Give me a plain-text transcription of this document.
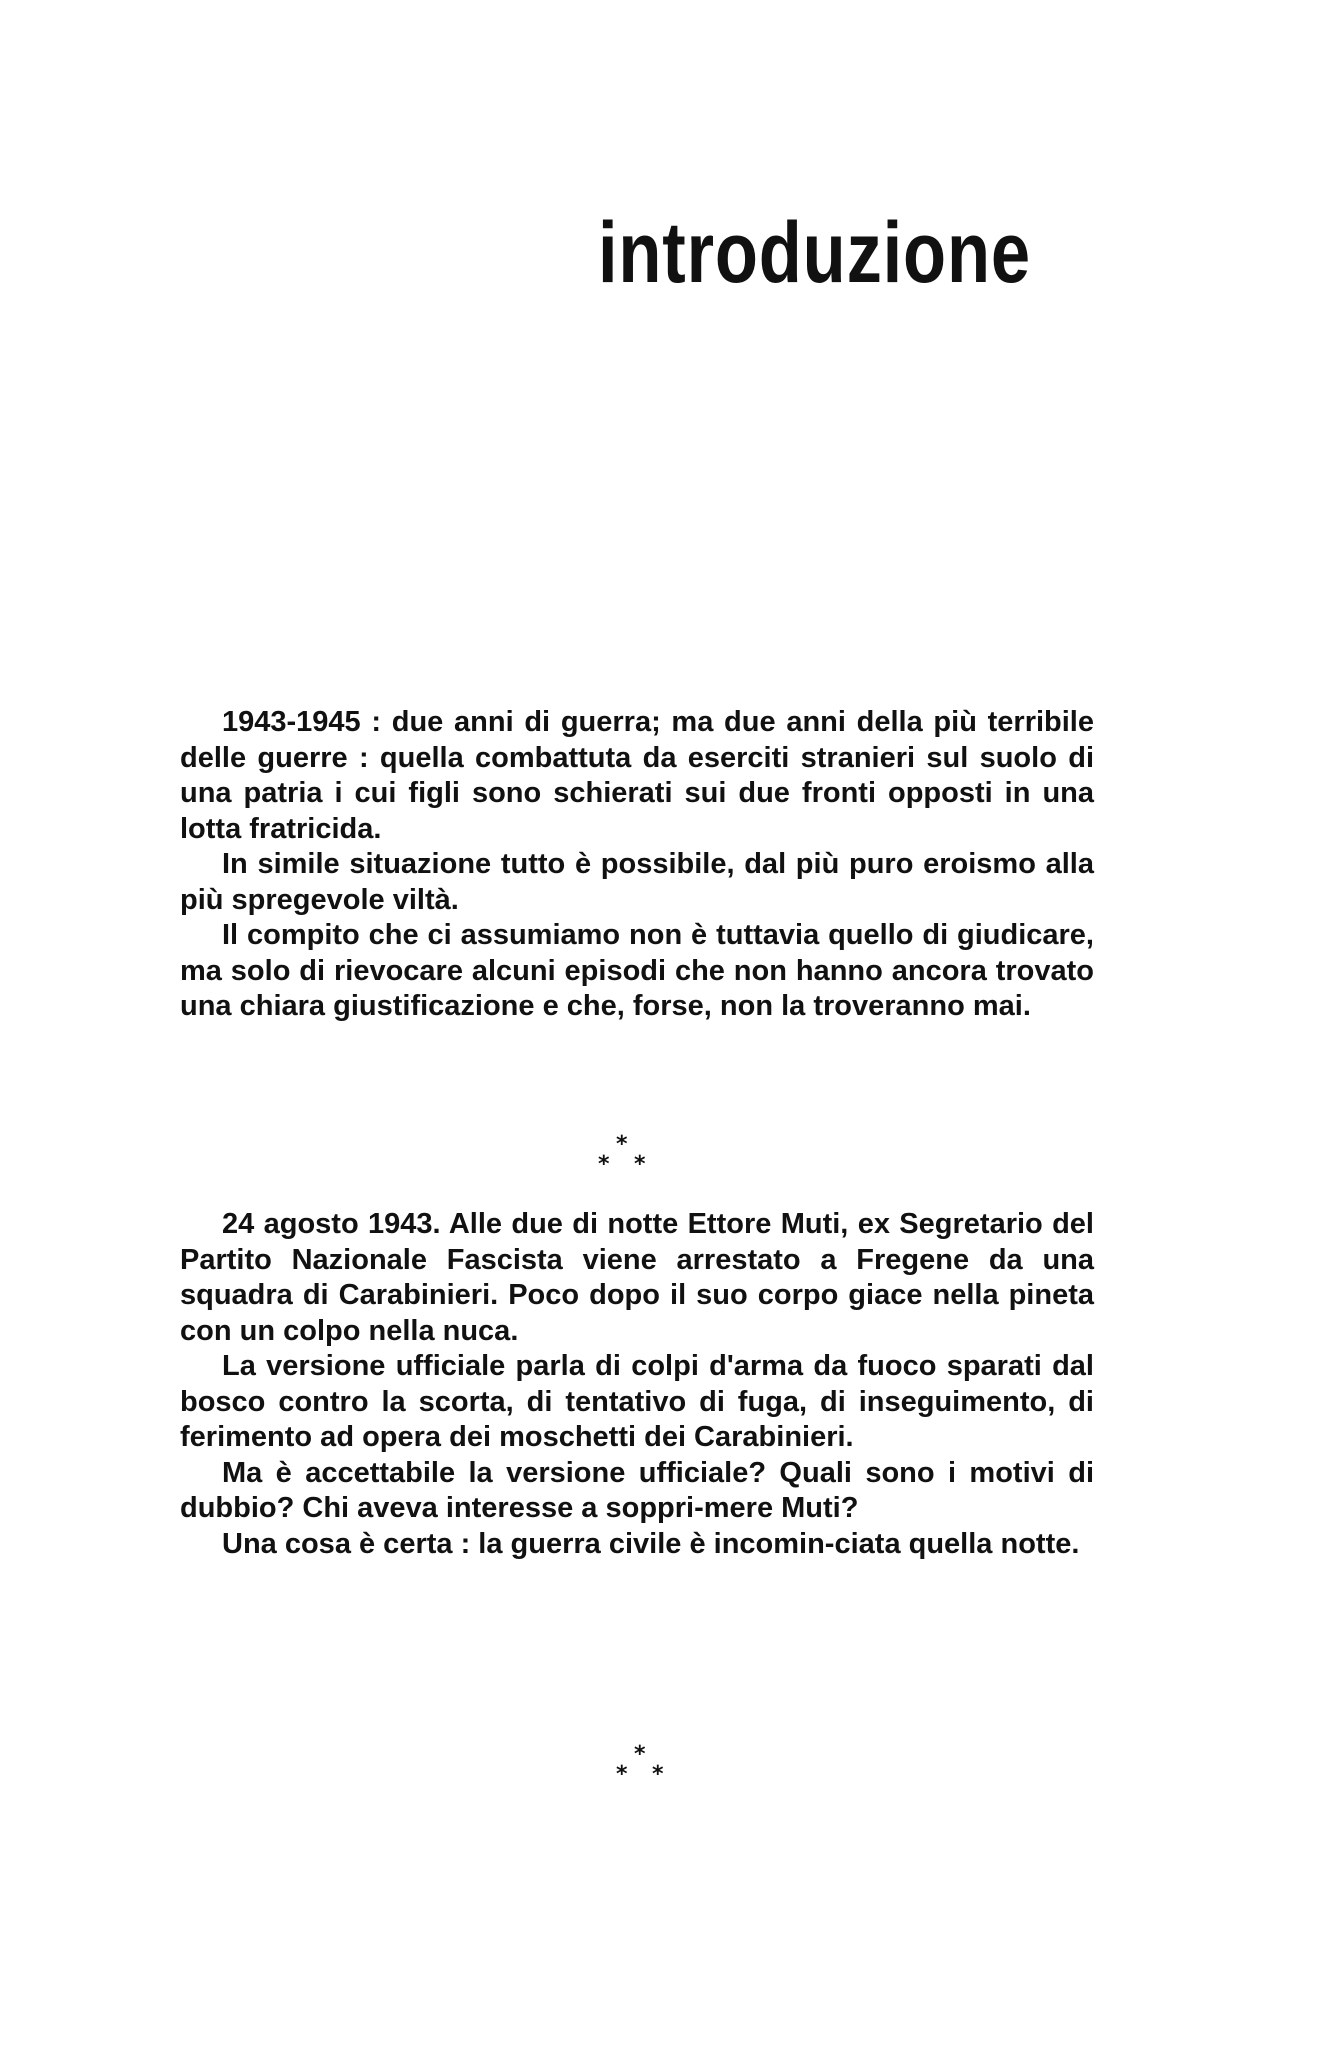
introduzione

1943-1945 : due anni di guerra; ma due anni della più terribile delle guerre : quella combattuta da eserciti stranieri sul suolo di una patria i cui figli sono schierati sui due fronti opposti in una lotta fratricida.

In simile situazione tutto è possibile, dal più puro eroismo alla più spregevole viltà.

Il compito che ci assumiamo non è tuttavia quello di giudicare, ma solo di rievocare alcuni episodi che non hanno ancora trovato una chiara giustificazione e che, forse, non la troveranno mai.

*
* *

24 agosto 1943. Alle due di notte Ettore Muti, ex Segretario del Partito Nazionale Fascista viene arrestato a Fregene da una squadra di Carabinieri. Poco dopo il suo corpo giace nella pineta con un colpo nella nuca.

La versione ufficiale parla di colpi d'arma da fuoco sparati dal bosco contro la scorta, di tentativo di fuga, di inseguimento, di ferimento ad opera dei moschetti dei Carabinieri.

Ma è accettabile la versione ufficiale? Quali sono i motivi di dubbio? Chi aveva interesse a soppri-mere Muti?

Una cosa è certa : la guerra civile è incomin-ciata quella notte.

*
* *
